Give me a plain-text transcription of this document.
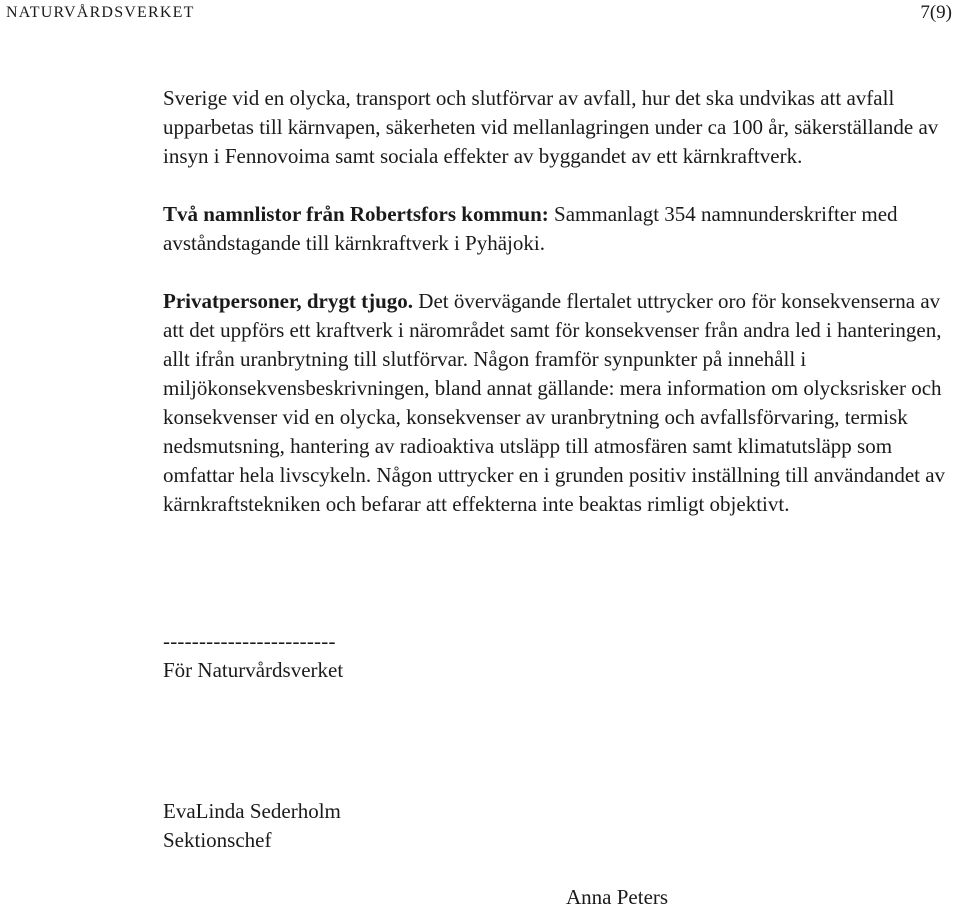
NATURVÅRDSVERKET	7(9)

Sverige vid en olycka, transport och slutförvar av avfall, hur det ska undvikas att avfall upparbetas till kärnvapen, säkerheten vid mellanlagringen under ca 100 år, säkerställande av insyn i Fennovoima samt sociala effekter av byggandet av ett kärnkraftverk.

Två namnlistor från Robertsfors kommun: Sammanlagt 354 namnunderskrifter med avståndstagande till kärnkraftverk i Pyhäjoki.

Privatpersoner, drygt tjugo. Det övervägande flertalet uttrycker oro för konsekvenserna av att det uppförs ett kraftverk i närområdet samt för konsekvenser från andra led i hanteringen, allt ifrån uranbrytning till slutförvar. Någon framför synpunkter på innehåll i miljökonsekvensbeskrivningen, bland annat gällande: mera information om olycksrisker och konsekvenser vid en olycka, konsekvenser av uranbrytning och avfallsförvaring, termisk nedsmutsning, hantering av radioaktiva utsläpp till atmosfären samt klimatutsläpp som omfattar hela livscykeln. Någon uttrycker en i grunden positiv inställning till användandet av kärnkraftstekniken och befarar att effekterna inte beaktas rimligt objektivt.

------------------------
För Naturvårdsverket
EvaLinda Sederholm
Sektionschef
Anna Peters
